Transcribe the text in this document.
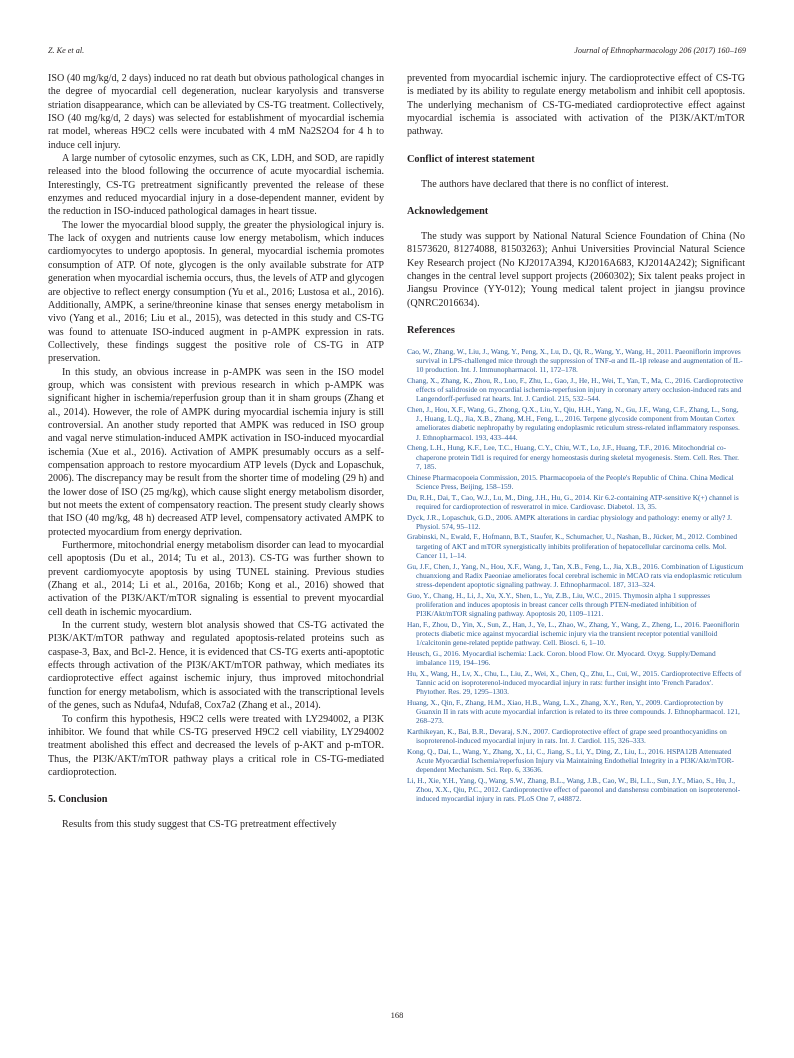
Z. Ke et al.	Journal of Ethnopharmacology 206 (2017) 160–169

ISO (40 mg/kg/d, 2 days) induced no rat death but obvious pathological changes in the degree of myocardial cell degeneration, nuclear karyolysis and transverse striation disappearance, which can be alleviated by CS-TG treatment. Collectively, ISO (40 mg/kg/d, 2 days) was selected for establishment of myocardial ischemia rat model, whereas H9C2 cells were incubated with 4 mM Na2S2O4 for 4 h to induce cell injury.

A large number of cytosolic enzymes, such as CK, LDH, and SOD, are rapidly released into the blood following the occurrence of acute myocardial ischemia. Interestingly, CS-TG pretreatment significantly prevented the release of these enzymes and reduced myocardial injury in a dose-dependent manner, evident by the reduction in ISO-induced pathological damages in heart tissue.

The lower the myocardial blood supply, the greater the physiological injury is. The lack of oxygen and nutrients cause low energy metabolism, which induces cardiomyocytes to undergo apoptosis. In general, myocardial ischemia promotes consumption of ATP. Of note, glycogen is the only available substrate for ATP generation when myocardial ischemia occurs, thus, the levels of ATP and glycogen are objective to reflect energy consumption (Yu et al., 2016; Lustosa et al., 2016). Additionally, AMPK, a serine/threonine kinase that senses energy metabolism in vivo (Yang et al., 2016; Liu et al., 2015), was detected in this study and CS-TG was found to attenuate ISO-induced augment in p-AMPK expression in rats. Collectively, these findings suggest the positive role of CS-TG in ATP preservation.

In this study, an obvious increase in p-AMPK was seen in the ISO model group, which was consistent with previous research in which p-AMPK was significant higher in ischemia/reperfusion group than it in sham groups (Zhang et al., 2014). However, the role of AMPK during myocardial ischemia injury is still controversial. An another study reported that AMPK was reduced in ISO group and vagal nerve stimulation-induced AMPK activation in ISO-induced myocardial ischemia (Xue et al., 2016). Activation of AMPK presumably occurs as a self-compensation approach to restore myocardium ATP levels (Dyck and Lopaschuk, 2006). The discrepancy may be result from the shorter time of modeling (29 h) and the lower dose of ISO (25 mg/kg), which cause slight energy metabolism disorder, but not meets the extent of compensatory reaction. The present study clearly shows that ISO (40 mg/kg, 48 h) decreased ATP level, compensatory activated AMPK to protected myocardium from energy deprivation.

Furthermore, mitochondrial energy metabolism disorder can lead to myocardial cell apoptosis (Du et al., 2014; Tu et al., 2013). CS-TG was further shown to prevent cardiomyocyte apoptosis by using TUNEL staining. Previous studies (Zhang et al., 2014; Li et al., 2016a, 2016b; Kong et al., 2016) showed that activation of the PI3K/AKT/mTOR signaling is essential to prevent myocardial cell death in ischemic myocardium.

In the current study, western blot analysis showed that CS-TG activated the PI3K/AKT/mTOR pathway and regulated apoptosis-related proteins such as caspase-3, Bax, and Bcl-2. Hence, it is evidenced that CS-TG exerts anti-apoptotic effects through activation of the PI3K/AKT/mTOR pathway, which mediates its cardioprotective effect against ischemic injury, thus improved mitochondrial function for energy metabolism, which is associated with the transcriptional levels of the genes, such as Ndufa4, Ndufa8, Cox7a2 (Zhang et al., 2014).

To confirm this hypothesis, H9C2 cells were treated with LY294002, a PI3K inhibitor. We found that while CS-TG preserved H9C2 cell viability, LY294002 treatment abolished this effect and decreased the levels of p-AKT and p-mTOR. Thus, the PI3K/AKT/mTOR pathway plays a critical role in CS-TG-mediated cardioprotection.

5. Conclusion

Results from this study suggest that CS-TG pretreatment effectively

prevented from myocardial ischemic injury. The cardioprotective effect of CS-TG is mediated by its ability to regulate energy metabolism and inhibit cell apoptosis. The underlying mechanism of CS-TG-mediated cardioprotective effect against myocardial ischemia is associated with activation of the PI3K/AKT/mTOR pathway.

Conflict of interest statement

The authors have declared that there is no conflict of interest.

Acknowledgement

The study was support by National Natural Science Foundation of China (No 81573620, 81274088, 81503263); Anhui Universities Provincial Natural Science Key Research project (No KJ2017A394, KJ2016A683, KJ2014A242); Significant changes in the central level support projects (2060302); Six talent peaks project in Jiangsu Province (YY-012); Young medical talent project in jiangsu province (QNRC2016634).

References
Cao, W., Zhang, W., Liu, J., Wang, Y., Peng, X., Lu, D., Qi, R., Wang, Y., Wang, H., 2011. Paeoniflorin improves survival in LPS-challenged mice through the suppression of TNF-α and IL-1β release and augmentation of IL-10 production. Int. J. Immunopharmacol. 11, 172–178.
Chang, X., Zhang, K., Zhou, R., Luo, F., Zhu, L., Gao, J., He, H., Wei, T., Yan, T., Ma, C., 2016. Cardioprotective effects of salidroside on myocardial ischemia-reperfusion injury in coronary artery occlusion-induced rats and Langendorff-perfused rat hearts. Int. J. Cardiol. 215, 532–544.
Chen, J., Hou, X.F., Wang, G., Zhong, Q.X., Liu, Y., Qiu, H.H., Yang, N., Gu, J.F., Wang, C.F., Zhang, L., Song, J., Huang, L.Q., Jia, X.B., Zhang, M.H., Feng, L., 2016. Terpene glycoside component from Moutan Cortex ameliorates diabetic nephropathy by regulating endoplasmic reticulum stress-related inflammatory responses. J. Ethnopharmacol. 193, 433–444.
Cheng, L.H., Hung, K.F., Lee, T.C., Huang, C.Y., Chiu, W.T., Lo, J.F., Huang, T.F., 2016. Mitochondrial co-chaperone protein Tid1 is required for energy homeostasis during skeletal myogenesis. Stem. Cell. Res. Ther. 7, 185.
Chinese Pharmacopoeia Commission, 2015. Pharmacopoeia of the People's Republic of China. China Medical Science Press, Beijing, 158–159.
Du, R.H., Dai, T., Cao, W.J., Lu, M., Ding, J.H., Hu, G., 2014. Kir 6.2-containing ATP-sensitive K(+) channel is required for cardioprotection of resveratrol in mice. Cardiovasc. Diabetol. 13, 35.
Dyck, J.R., Lopaschuk, G.D., 2006. AMPK alterations in cardiac physiology and pathology: enemy or ally? J. Physiol. 574, 95–112.
Grabinski, N., Ewald, F., Hofmann, B.T., Staufer, K., Schumacher, U., Nashan, B., Jücker, M., 2012. Combined targeting of AKT and mTOR synergistically inhibits proliferation of hepatocellular carcinoma cells. Mol. Cancer 11, 1–14.
Gu, J.F., Chen, J., Yang, N., Hou, X.F., Wang, J., Tan, X.B., Feng, L., Jia, X.B., 2016. Combination of Ligusticum chuanxiong and Radix Paeoniae ameliorates focal cerebral ischemic in MCAO rats via endoplasmic reticulum stress-dependent apoptotic signaling pathway. J. Ethnopharmacol. 187, 313–324.
Guo, Y., Chang, H., Li, J., Xu, X.Y., Shen, L., Yu, Z.B., Liu, W.C., 2015. Thymosin alpha 1 suppresses proliferation and induces apoptosis in breast cancer cells through PTEN-mediated inhibition of PI3K/Akt/mTOR signaling pathway. Apoptosis 20, 1109–1121.
Han, F., Zhou, D., Yin, X., Sun, Z., Han, J., Ye, L., Zhao, W., Zhang, Y., Wang, Z., Zheng, L., 2016. Paeoniflorin protects diabetic mice against myocardial ischemic injury via the transient receptor potential vanilloid 1/calcitonin gene-related peptide pathway. Cell. Biosci. 6, 1–10.
Heusch, G., 2016. Myocardial ischemia: Lack. Coron. blood Flow. Or. Myocard. Oxyg. Supply/Demand imbalance 119, 194–196.
Hu, X., Wang, H., Lv, X., Chu, L., Liu, Z., Wei, X., Chen, Q., Zhu, L., Cui, W., 2015. Cardioprotective Effects of Tannic acid on isoproterenol-induced myocardial injury in rats: further insight into 'French Paradox'. Phytother. Res. 29, 1295–1303.
Huang, X., Qin, F., Zhang, H.M., Xiao, H.B., Wang, L.X., Zhang, X.Y., Ren, Y., 2009. Cardioprotection by Guanxin II in rats with acute myocardial infarction is related to its three compounds. J. Ethnopharmacol. 121, 268–273.
Karthikeyan, K., Bai, B.R., Devaraj, S.N., 2007. Cardioprotective effect of grape seed proanthocyanidins on isoproterenol-induced myocardial injury in rats. Int. J. Cardiol. 115, 326–333.
Kong, Q., Dai, L., Wang, Y., Zhang, X., Li, C., Jiang, S., Li, Y., Ding, Z., Liu, L., 2016. HSPA12B Attenuated Acute Myocardial Ischemia/reperfusion Injury via Maintaining Endothelial Integrity in a PI3K/Akt/mTOR-dependent Mechanism. Sci. Rep. 6, 33636.
Li, H., Xie, Y.H., Yang, Q., Wang, S.W., Zhang, B.L., Wang, J.B., Cao, W., Bi, L.L., Sun, J.Y., Miao, S., Hu, J., Zhou, X.X., Qiu, P.C., 2012. Cardioprotective effect of paeonol and danshensu combination on isoproterenol-induced myocardial injury in rats. PLoS One 7, e48872.
168
